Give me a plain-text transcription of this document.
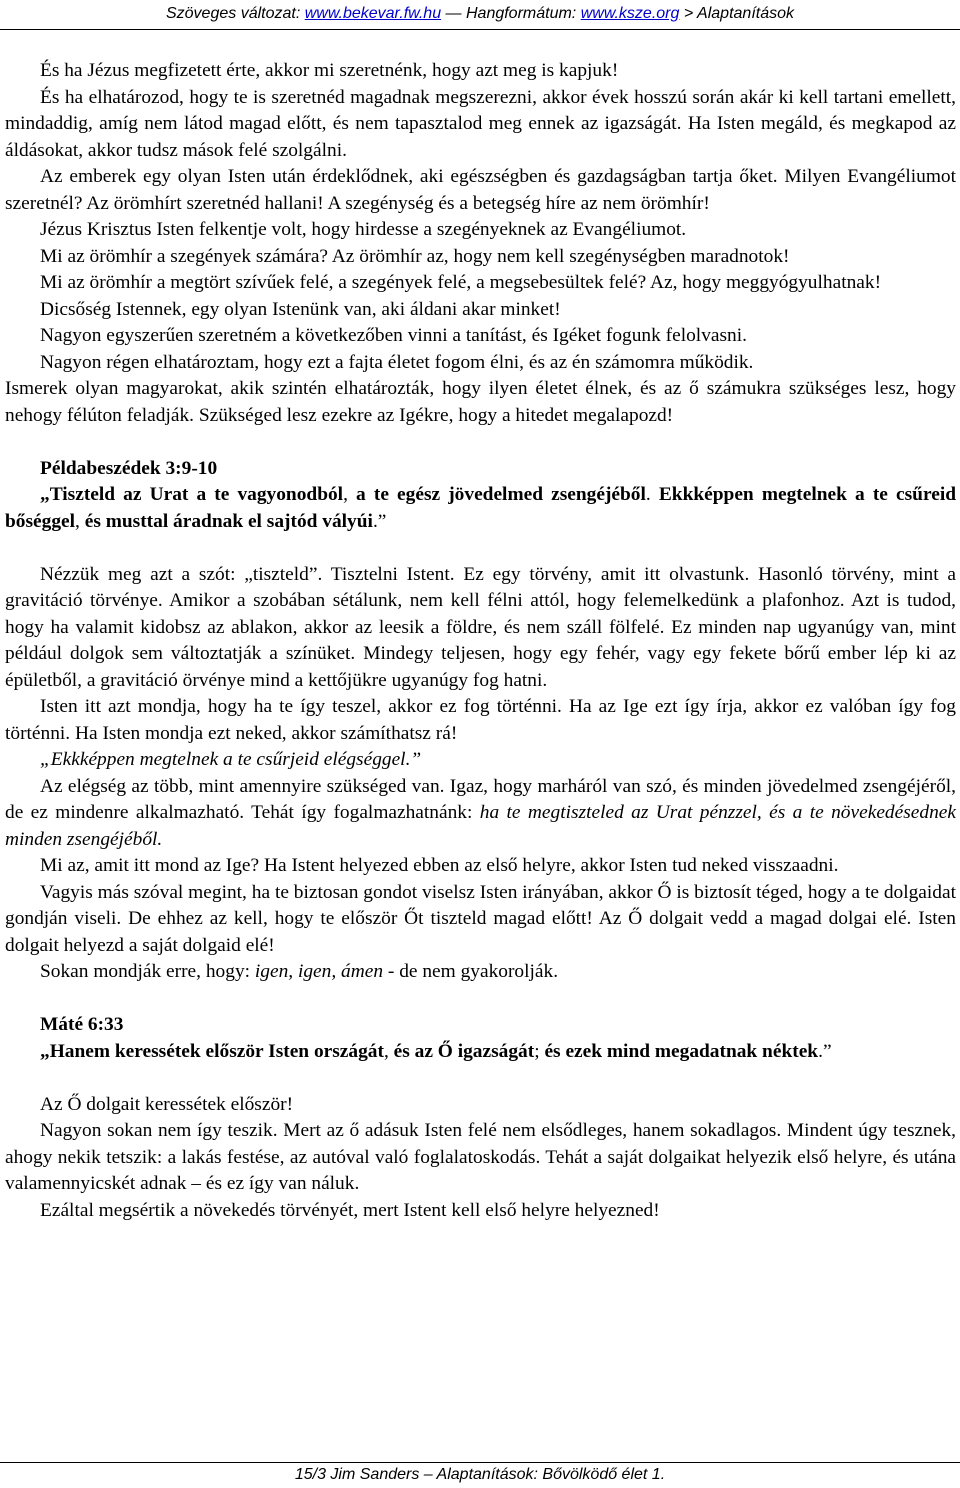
Szöveges változat: www.bekevar.fw.hu — Hangformátum: www.ksze.org > Alaptanítások

És ha Jézus megfizetett érte, akkor mi szeretnénk, hogy azt meg is kapjuk!

És ha elhatározod, hogy te is szeretnéd magadnak megszerezni, akkor évek hosszú során akár ki kell tartani emellett, mindaddig, amíg nem látod magad előtt, és nem tapasztalod meg ennek az igazságát. Ha Isten megáld, és megkapod az áldásokat, akkor tudsz mások felé szolgálni.

Az emberek egy olyan Isten után érdeklődnek, aki egészségben és gazdagságban tartja őket. Milyen Evangéliumot szeretnél? Az örömhírt szeretnéd hallani! A szegénység és a betegség híre az nem örömhír!

Jézus Krisztus Isten felkentje volt, hogy hirdesse a szegényeknek az Evangéliumot.

Mi az örömhír a szegények számára? Az örömhír az, hogy nem kell szegénységben maradnotok!

Mi az örömhír a megtört szívűek felé, a szegények felé, a megsebesültek felé? Az, hogy meggyógyulhatnak!

Dicsőség Istennek, egy olyan Istenünk van, aki áldani akar minket!

Nagyon egyszerűen szeretném a következőben vinni a tanítást, és Igéket fogunk felolvasni.

Nagyon régen elhatároztam, hogy ezt a fajta életet fogom élni, és az én számomra működik.

Ismerek olyan magyarokat, akik szintén elhatározták, hogy ilyen életet élnek, és az ő számukra szükséges lesz, hogy nehogy félúton feladják. Szükséged lesz ezekre az Igékre, hogy a hitedet megalapozd!

Példabeszédek 3:9-10

„Tiszteld az Urat a te vagyonodból, a te egész jövedelmed zsengéjéből. Ekkképpen megtelnek a te csűreid bőséggel, és musttal áradnak el sajtód vályúi.”

Nézzük meg azt a szót: „tiszteld”. Tisztelni Istent. Ez egy törvény, amit itt olvastunk. Hasonló törvény, mint a gravitáció törvénye. Amikor a szobában sétálunk, nem kell félni attól, hogy felemelkedünk a plafonhoz. Azt is tudod, hogy ha valamit kidobsz az ablakon, akkor az leesik a földre, és nem száll fölfelé. Ez minden nap ugyanúgy van, mint például dolgok sem változtatják a színüket. Mindegy teljesen, hogy egy fehér, vagy egy fekete bőrű ember lép ki az épületből, a gravitáció örvénye mind a kettőjükre ugyanúgy fog hatni.

Isten itt azt mondja, hogy ha te így teszel, akkor ez fog történni. Ha az Ige ezt így írja, akkor ez valóban így fog történni. Ha Isten mondja ezt neked, akkor számíthatsz rá!

„Ekkképpen megtelnek a te csűrjeid elégséggel.”

Az elégség az több, mint amennyire szükséged van. Igaz, hogy marháról van szó, és minden jövedelmed zsengéjéről, de ez mindenre alkalmazható. Tehát így fogalmazhatnánk: ha te megtiszteled az Urat pénzzel, és a te növekedésednek minden zsengéjéből.

Mi az, amit itt mond az Ige? Ha Istent helyezed ebben az első helyre, akkor Isten tud neked visszaadni.

Vagyis más szóval megint, ha te biztosan gondot viselsz Isten irányában, akkor Ő is biztosít téged, hogy a te dolgaidat gondján viseli. De ehhez az kell, hogy te először Őt tiszteld magad előtt! Az Ő dolgait vedd a magad dolgai elé. Isten dolgait helyezd a saját dolgaid elé!

Sokan mondják erre, hogy: igen, igen, ámen - de nem gyakorolják.

Máté 6:33

„Hanem keressétek először Isten országát, és az Ő igazságát; és ezek mind megadatnak néktek.”

Az Ő dolgait keressétek először!

Nagyon sokan nem így teszik. Mert az ő adásuk Isten felé nem elsődleges, hanem sokadlagos. Mindent úgy tesznek, ahogy nekik tetszik: a lakás festése, az autóval való foglalatoskodás. Tehát a saját dolgaikat helyezik első helyre, és utána valamennyicskét adnak – és ez így van náluk.

Ezáltal megsértik a növekedés törvényét, mert Istent kell első helyre helyezned!

15/3 Jim Sanders – Alaptanítások: Bővölködő élet 1.
